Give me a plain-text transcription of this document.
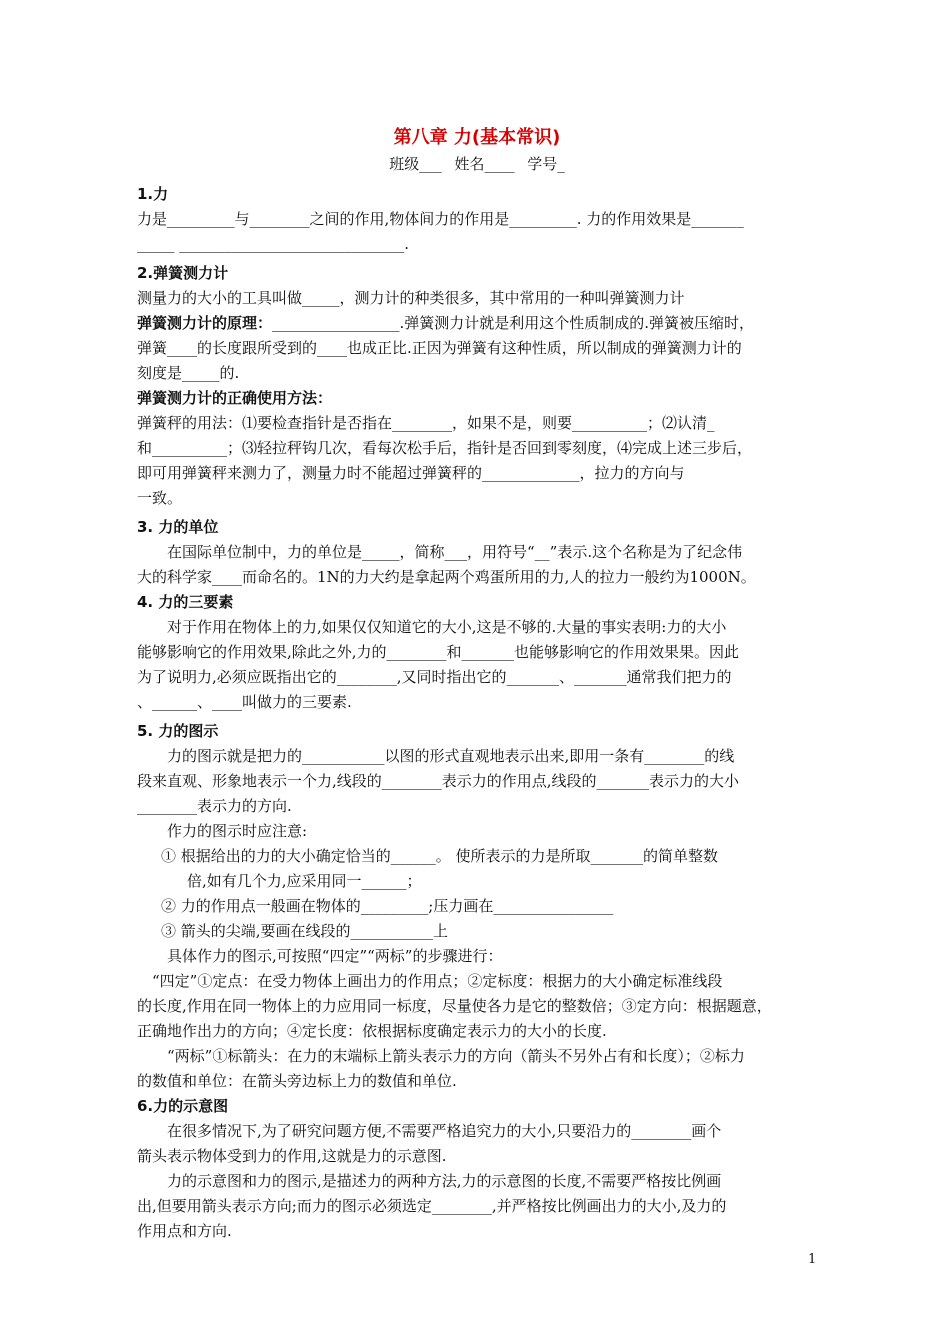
第八章 力(基本常识)
班级___ 姓名____ 学号_
1.力

力是_________与________之间的作用,物体间力的作用是_________. 力的作用效果是_______

_____ ______________________________.

2.弹簧测力计

测量力的大小的工具叫做_____，测力计的种类很多，其中常用的一种叫弹簧测力计

弹簧测力计的原理：_________________.弹簧测力计就是利用这个性质制成的.弹簧被压缩时，

弹簧____的长度跟所受到的____也成正比.正因为弹簧有这种性质，所以制成的弹簧测力计的

刻度是_____的.

弹簧测力计的正确使用方法：

弹簧秤的用法：⑴要检查指针是否指在________，如果不是，则要__________；⑵认清_

和__________；⑶轻拉秤钩几次，看每次松手后，指针是否回到零刻度，⑷完成上述三步后，

即可用弹簧秤来测力了，测量力时不能超过弹簧秤的_____________，拉力的方向与

一致。

3. 力的单位

在国际单位制中，力的单位是_____，简称___，用符号“__”表示.这个名称是为了纪念伟

大的科学家____而命名的。1N的力大约是拿起两个鸡蛋所用的力,人的拉力一般约为1000N。

4. 力的三要素

对于作用在物体上的力,如果仅仅知道它的大小,这是不够的.大量的事实表明:力的大小

能够影响它的作用效果,除此之外,力的________和_______也能够影响它的作用效果果。因此

为了说明力,必须应既指出它的________,又同时指出它的_______、_______通常我们把力的

、______、____叫做力的三要素.

5. 力的图示

力的图示就是把力的___________以图的形式直观地表示出来,即用一条有________的线

段来直观、形象地表示一个力,线段的________表示力的作用点,线段的_______表示力的大小

________表示力的方向.

作力的图示时应注意:

① 根据给出的力的大小确定恰当的______。 使所表示的力是所取_______的简单整数

倍,如有几个力,应采用同一______；

② 力的作用点一般画在物体的_________;压力画在________________

③ 箭头的尖端,要画在线段的___________上

具体作力的图示,可按照“四定”“两标”的步骤进行：

“四定”①定点：在受力物体上画出力的作用点；②定标度：根据力的大小确定标准线段

的长度,作用在同一物体上的力应用同一标度，尽量使各力是它的整数倍；③定方向：根据题意，

正确地作出力的方向；④定长度：依根据标度确定表示力的大小的长度.

“两标”①标箭头：在力的末端标上箭头表示力的方向（箭头不另外占有和长度）；②标力

的数值和单位：在箭头旁边标上力的数值和单位.

6.力的示意图

在很多情况下,为了研究问题方便,不需要严格追究力的大小,只要沿力的________画个

箭头表示物体受到力的作用,这就是力的示意图.

力的示意图和力的图示,是描述力的两种方法,力的示意图的长度,不需要严格按比例画

出,但要用箭头表示方向;而力的图示必须选定________,并严格按比例画出力的大小,及力的

作用点和方向.

1
